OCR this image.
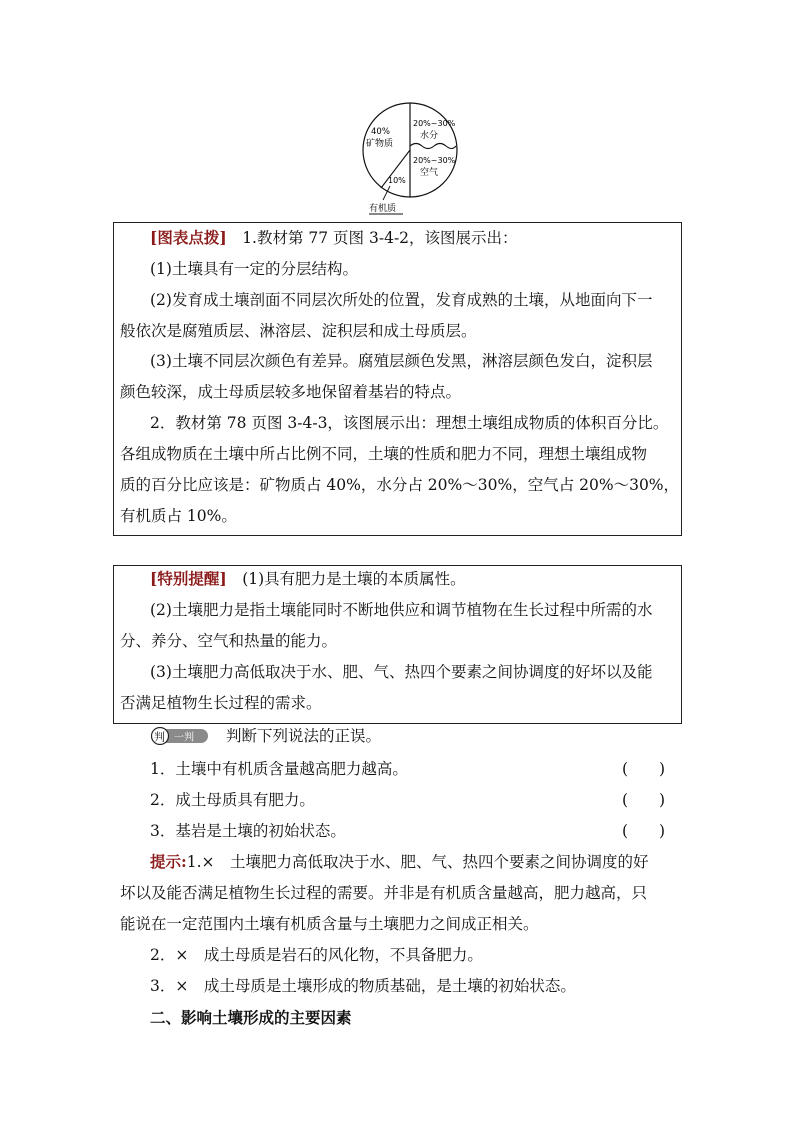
40%
矿物质
20%~30%
水分
20%~30%
空气
10%
有机质
[图表点拨]　 1.教材第 77 页图 3-4-2，该图展示出：
(1)土壤具有一定的分层结构。
(2)发育成土壤剖面不同层次所处的位置，发育成熟的土壤，从地面向下一
般依次是腐殖质层、淋溶层、淀积层和成土母质层。
(3)土壤不同层次颜色有差异。腐殖层颜色发黑，淋溶层颜色发白，淀积层
颜色较深，成土母质层较多地保留着基岩的特点。
2．教材第 78 页图 3-4-3，该图展示出：理想土壤组成物质的体积百分比。
各组成物质在土壤中所占比例不同，土壤的性质和肥力不同，理想土壤组成物
质的百分比应该是：矿物质占 40%，水分占 20%～30%，空气占 20%～30%，
有机质占 10%。
[特别提醒]　 (1)具有肥力是土壤的本质属性。
(2)土壤肥力是指土壤能同时不断地供应和调节植物在生长过程中所需的水
分、养分、空气和热量的能力。
(3)土壤肥力高低取决于水、肥、气、热四个要素之间协调度的好坏以及能
否满足植物生长过程的需求。
判 一判 判断下列说法的正误。
1．土壤中有机质含量越高肥力越高。	(　　)
2．成土母质具有肥力。	(　　)
3．基岩是土壤的初始状态。	(　　)
提示:1.×　土壤肥力高低取决于水、肥、气、热四个要素之间协调度的好
坏以及能否满足植物生长过程的需要。并非是有机质含量越高，肥力越高，只
能说在一定范围内土壤有机质含量与土壤肥力之间成正相关。
2．×　成土母质是岩石的风化物，不具备肥力。
3．×　成土母质是土壤形成的物质基础，是土壤的初始状态。
二、影响土壤形成的主要因素
